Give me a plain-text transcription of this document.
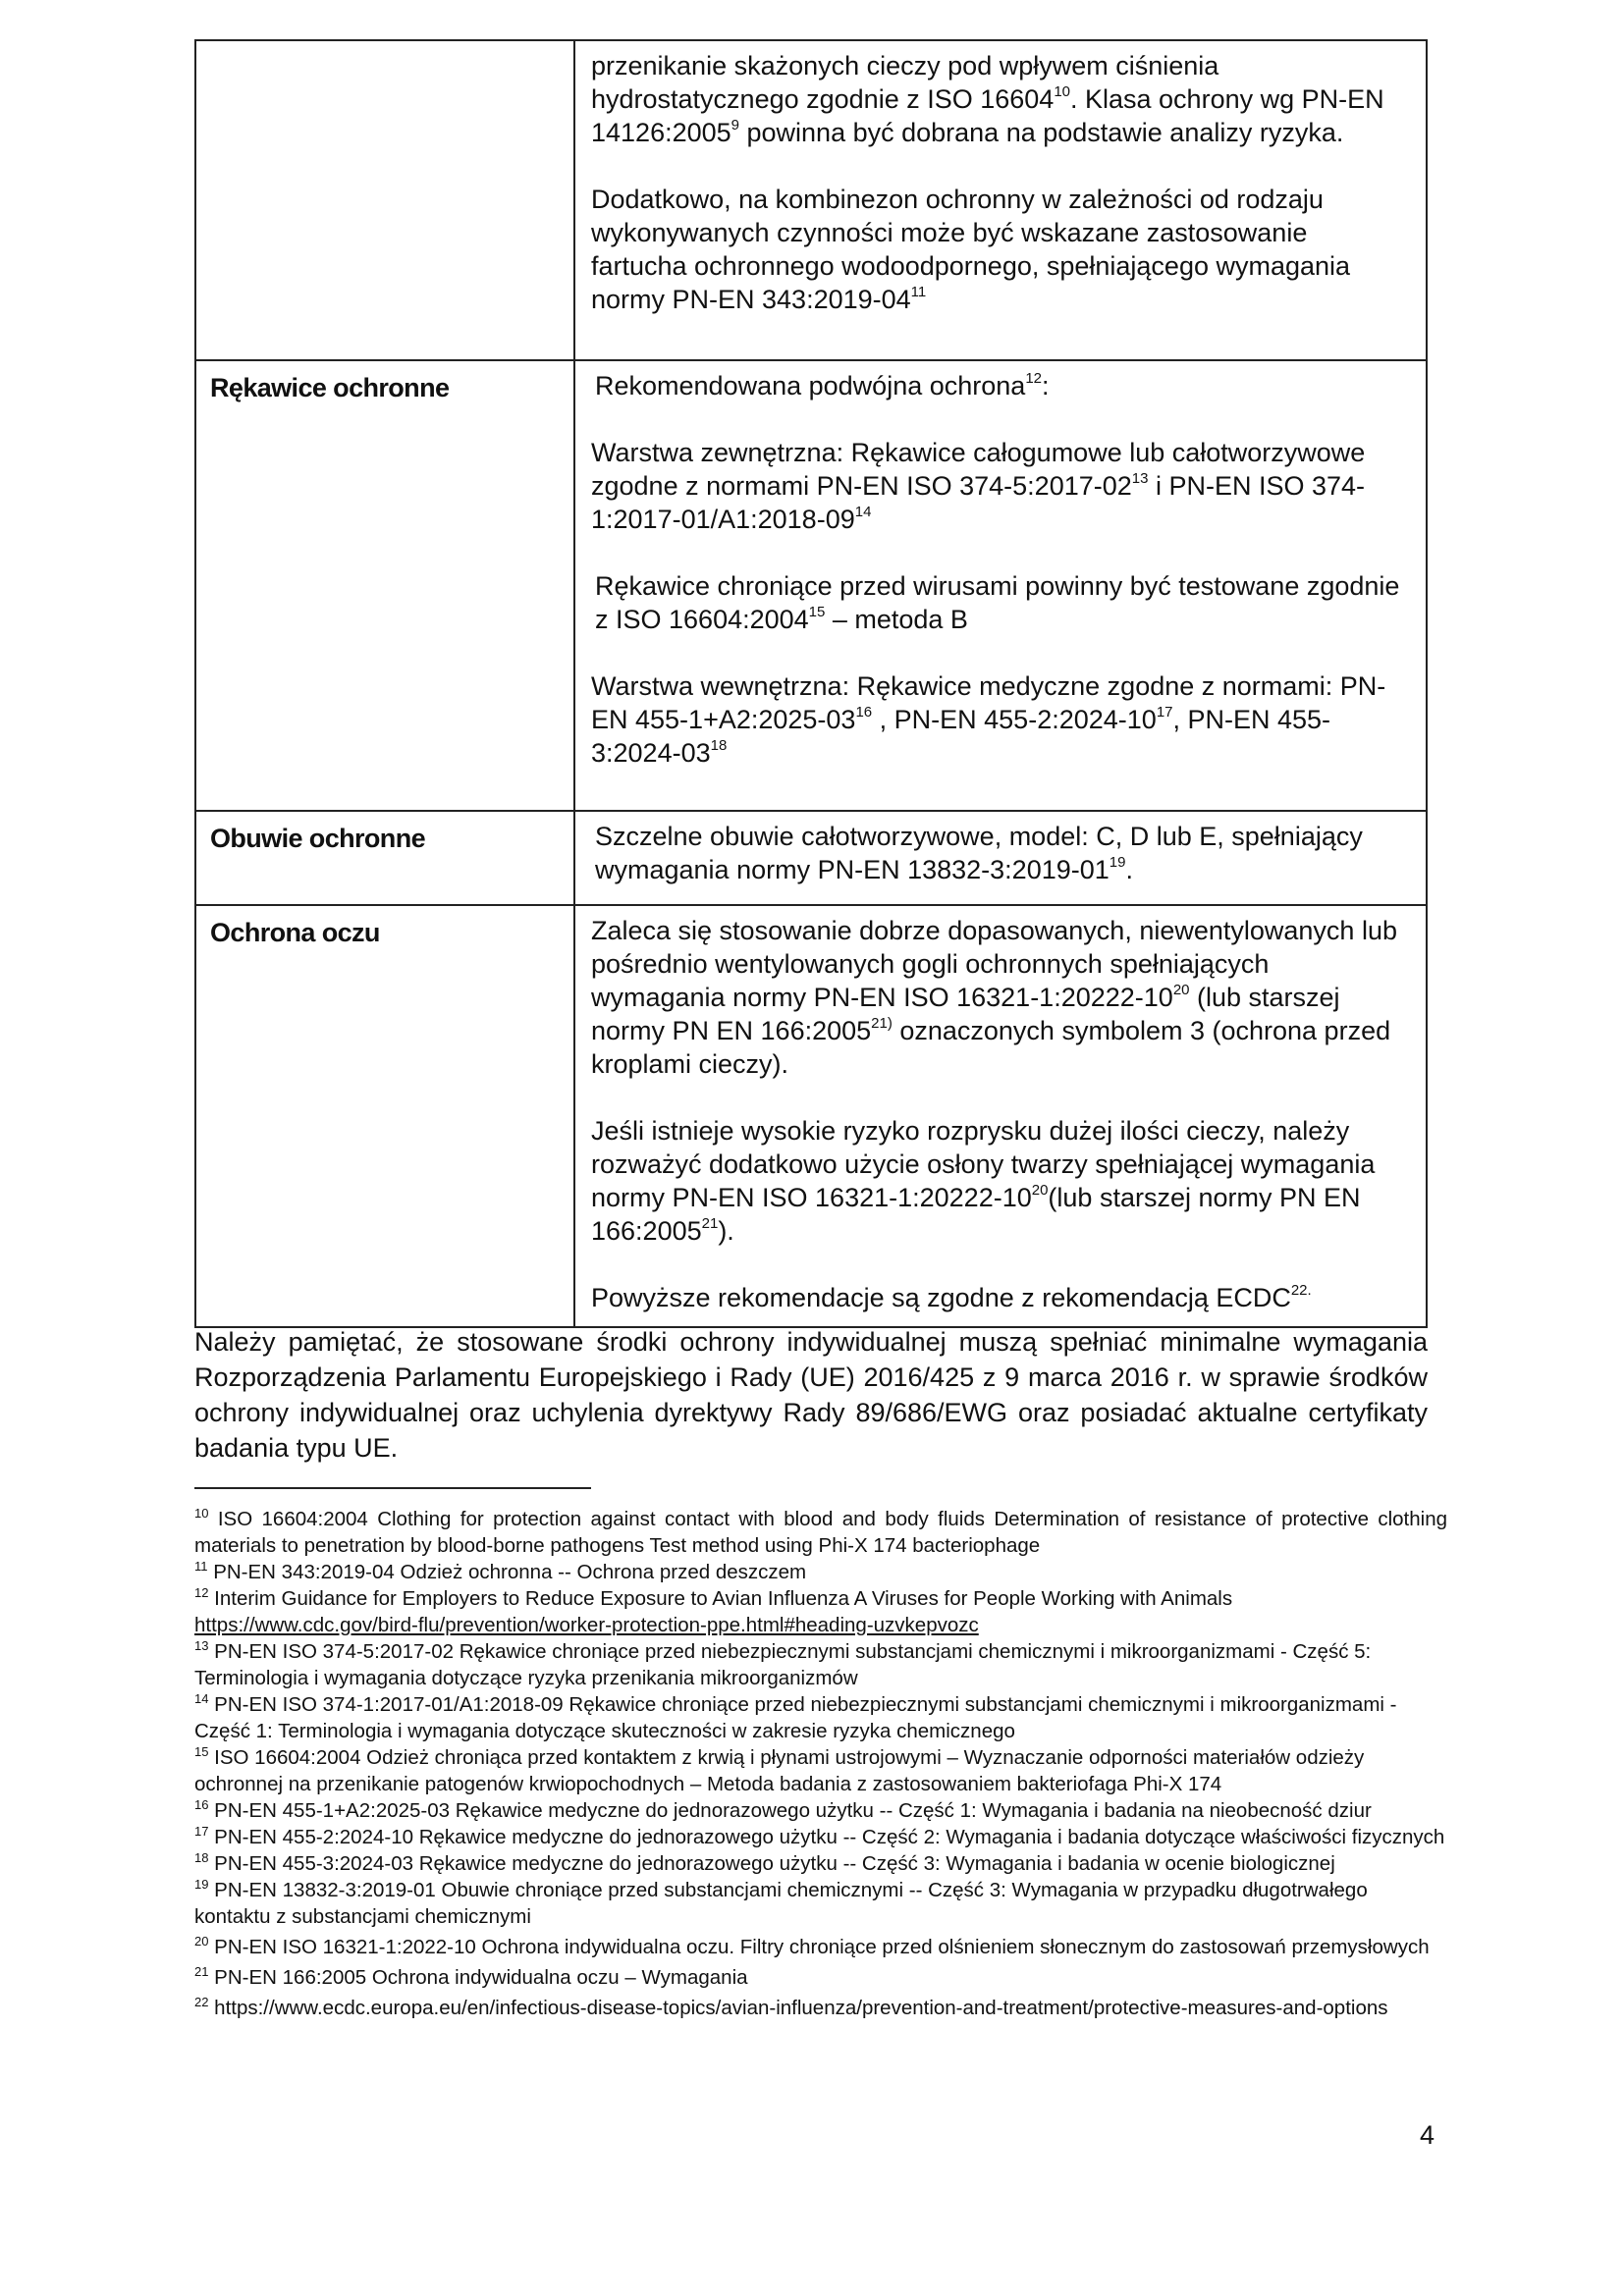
	przenikanie skażonych cieczy pod wpływem ciśnienia hydrostatycznego zgodnie z ISO 16604$^{10}$. Klasa ochrony wg PN-EN 14126:2005$^9$ powinna być dobrana na podstawie analizy ryzyka.

Dodatkowo, na kombinezon ochronny w zależności od rodzaju wykonywanych czynności może być wskazane zastosowanie fartucha ochronnego wodoodpornego, spełniającego wymagania normy PN-EN $343:2019-04^{11}$

Rękawice ochronne	Rekomendowana podwójna ochrona$^{12}$:

Warstwa zewnętrzna: Rękawice całogumowe lub całotworzywowe zgodne z normami PN-EN ISO $374-5:2017-02^{13}$ i PN-EN ISO $374-1:2017-01/A1:2018-09^{14}$

Rękawice chroniące przed wirusami powinny być testowane zgodnie z ISO 16604:2004$^{15}$ – metoda B

Warstwa wewnętrzna: Rękawice medyczne zgodne z normami: PN-EN $455-1+A2:2025-03^{16}$ , PN-EN $455-2:2024-10^{17}$, PN-EN $455-3:2024-03^{18}$

Obuwie ochronne	Szczelne obuwie całotworzywowe, model: C, D lub E, spełniający wymagania normy PN-EN $13832-3:2019-01^{19}$.

Ochrona oczu	Zaleca się stosowanie dobrze dopasowanych, niewentylowanych lub pośrednio wentylowanych gogli ochronnych spełniających wymagania normy PN-EN ISO $16321-1:20222-10^{20}$ (lub starszej normy PN EN 166:2005$^{21)}$ oznaczonych symbolem 3 (ochrona przed kroplami cieczy).

Jeśli istnieje wysokie ryzyko rozprysku dużej ilości cieczy, należy rozważyć dodatkowo użycie osłony twarzy spełniającej wymagania normy PN-EN ISO $16321-1:20222-10^{20}(lub$ starszej normy PN EN 166:2005$^{21}$).

Powyższe rekomendacje są zgodne z rekomendacją $ECDC^{22.}$

Należy pamiętać, że stosowane środki ochrony indywidualnej muszą spełniać minimalne wymagania Rozporządzenia Parlamentu Europejskiego i Rady (UE) 2016/425 z 9 marca 2016 r. w sprawie środków ochrony indywidualnej oraz uchylenia dyrektywy Rady 89/686/EWG oraz posiadać aktualne certyfikaty badania typu UE.

$^{10}$ ISO 16604:2004 Clothing for protection against contact with blood and body fluids Determination of resistance of protective clothing materials to penetration by blood-borne pathogens Test method using Phi-X 174 bacteriophage

$^{11}$ PN-EN 343:2019-04 Odzież ochronna -- Ochrona przed deszczem

$^{12}$ Interim Guidance for Employers to Reduce Exposure to Avian Influenza A Viruses for People Working with Animals
https://www.cdc.gov/bird-flu/prevention/worker-protection-ppe.html#heading-uzvkepvozc

$^{13}$ PN-EN ISO 374-5:2017-02 Rękawice chroniące przed niebezpiecznymi substancjami chemicznymi i mikroorganizmami - Część 5: Terminologia i wymagania dotyczące ryzyka przenikania mikroorganizmów

$^{14}$ PN-EN ISO 374-1:2017-01/A1:2018-09 Rękawice chroniące przed niebezpiecznymi substancjami chemicznymi i mikroorganizmami - Część 1: Terminologia i wymagania dotyczące skuteczności w zakresie ryzyka chemicznego

$^{15}$ ISO 16604:2004 Odzież chroniąca przed kontaktem z krwią i płynami ustrojowymi – Wyznaczanie odporności materiałów odzieży ochronnej na przenikanie patogenów krwiopochodnych – Metoda badania z zastosowaniem bakteriofaga Phi-X 174

$^{16}$ PN-EN 455-1+A2:2025-03 Rękawice medyczne do jednorazowego użytku -- Część 1: Wymagania i badania na nieobecność dziur

$^{17}$ PN-EN 455-2:2024-10 Rękawice medyczne do jednorazowego użytku -- Część 2: Wymagania i badania dotyczące właściwości fizycznych

$^{18}$ PN-EN 455-3:2024-03 Rękawice medyczne do jednorazowego użytku -- Część 3: Wymagania i badania w ocenie biologicznej

$^{19}$ PN-EN 13832-3:2019-01 Obuwie chroniące przed substancjami chemicznymi -- Część 3: Wymagania w przypadku długotrwałego kontaktu z substancjami chemicznymi

$^{20}$ PN-EN ISO 16321-1:2022-10 Ochrona indywidualna oczu. Filtry chroniące przed olśnieniem słonecznym do zastosowań przemysłowych

$^{21}$ PN-EN 166:2005 Ochrona indywidualna oczu – Wymagania

$^{22}$ https://www.ecdc.europa.eu/en/infectious-disease-topics/avian-influenza/prevention-and-treatment/protective-measures-and-options

4
